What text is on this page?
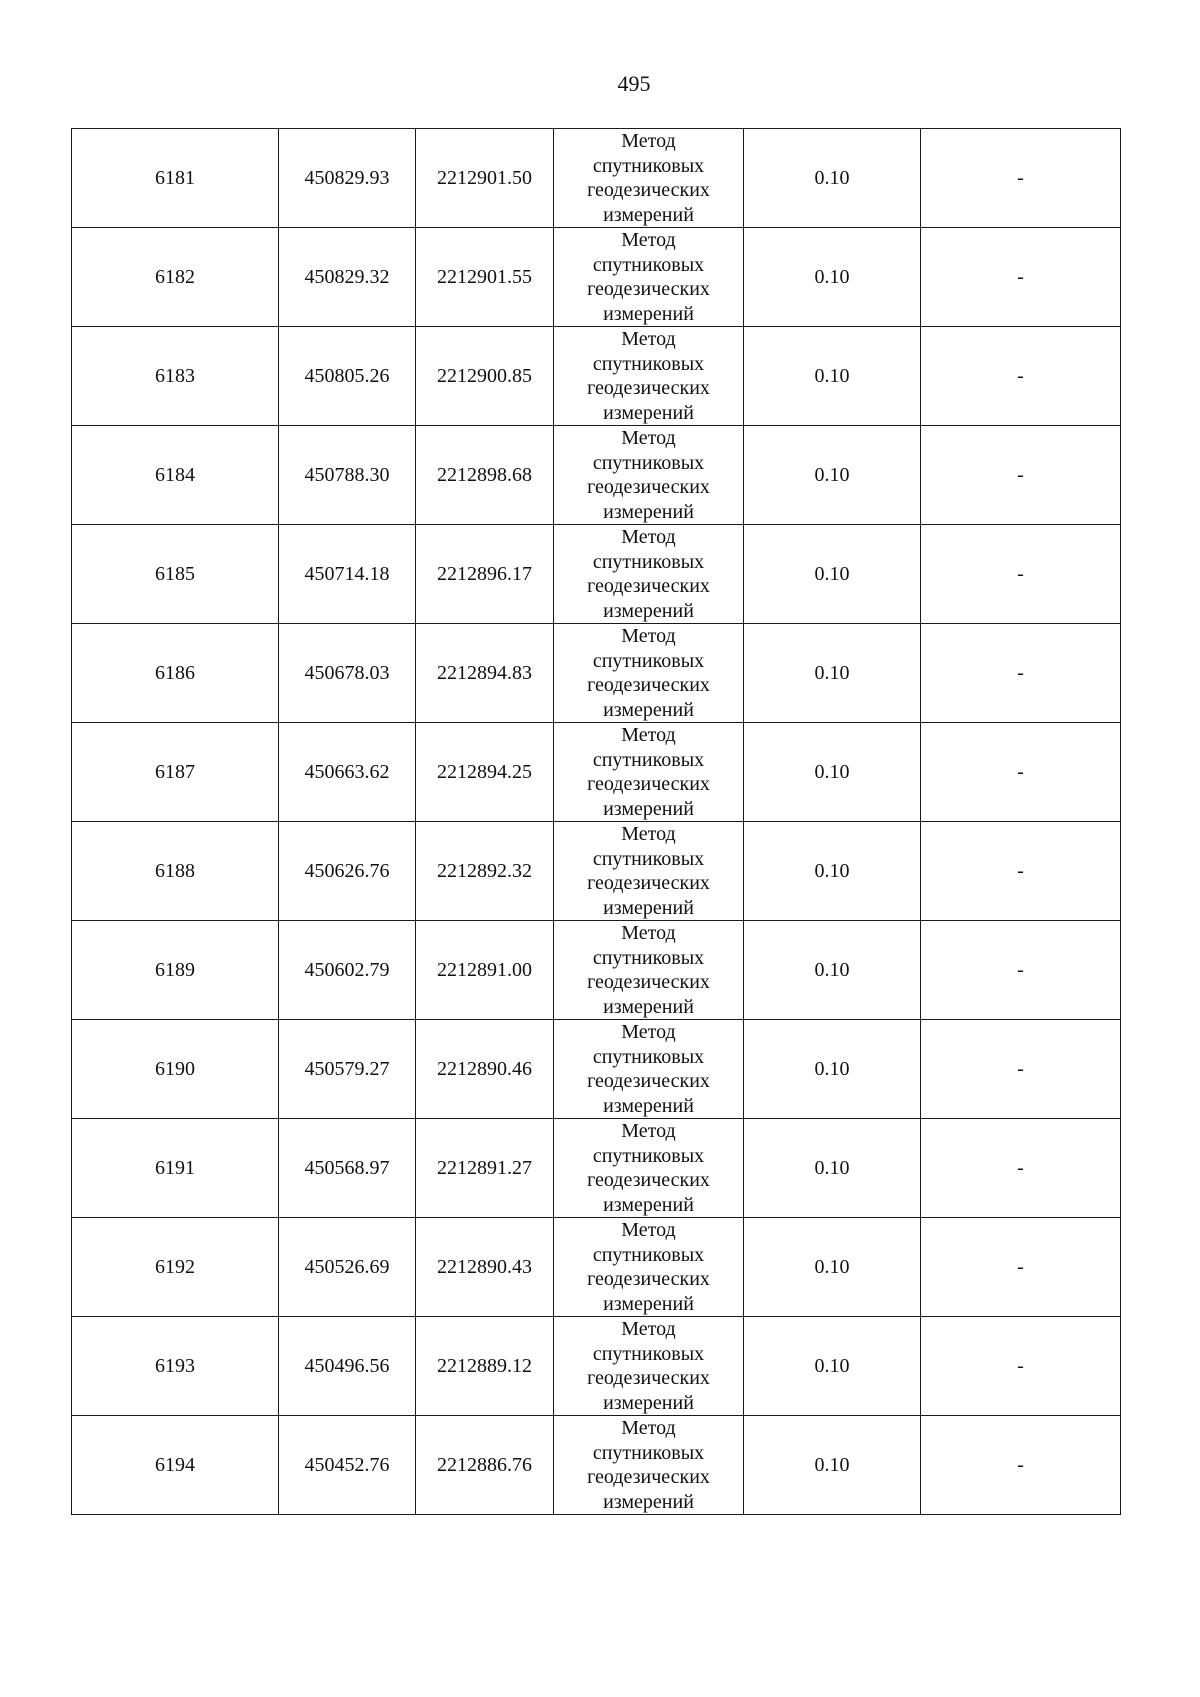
495
6181	450829.93	2212901.50	Метод
спутниковых
геодезических
измерений	0.10	-
6182	450829.32	2212901.55	Метод
спутниковых
геодезических
измерений	0.10	-
6183	450805.26	2212900.85	Метод
спутниковых
геодезических
измерений	0.10	-
6184	450788.30	2212898.68	Метод
спутниковых
геодезических
измерений	0.10	-
6185	450714.18	2212896.17	Метод
спутниковых
геодезических
измерений	0.10	-
6186	450678.03	2212894.83	Метод
спутниковых
геодезических
измерений	0.10	-
6187	450663.62	2212894.25	Метод
спутниковых
геодезических
измерений	0.10	-
6188	450626.76	2212892.32	Метод
спутниковых
геодезических
измерений	0.10	-
6189	450602.79	2212891.00	Метод
спутниковых
геодезических
измерений	0.10	-
6190	450579.27	2212890.46	Метод
спутниковых
геодезических
измерений	0.10	-
6191	450568.97	2212891.27	Метод
спутниковых
геодезических
измерений	0.10	-
6192	450526.69	2212890.43	Метод
спутниковых
геодезических
измерений	0.10	-
6193	450496.56	2212889.12	Метод
спутниковых
геодезических
измерений	0.10	-
6194	450452.76	2212886.76	Метод
спутниковых
геодезических
измерений	0.10	-
